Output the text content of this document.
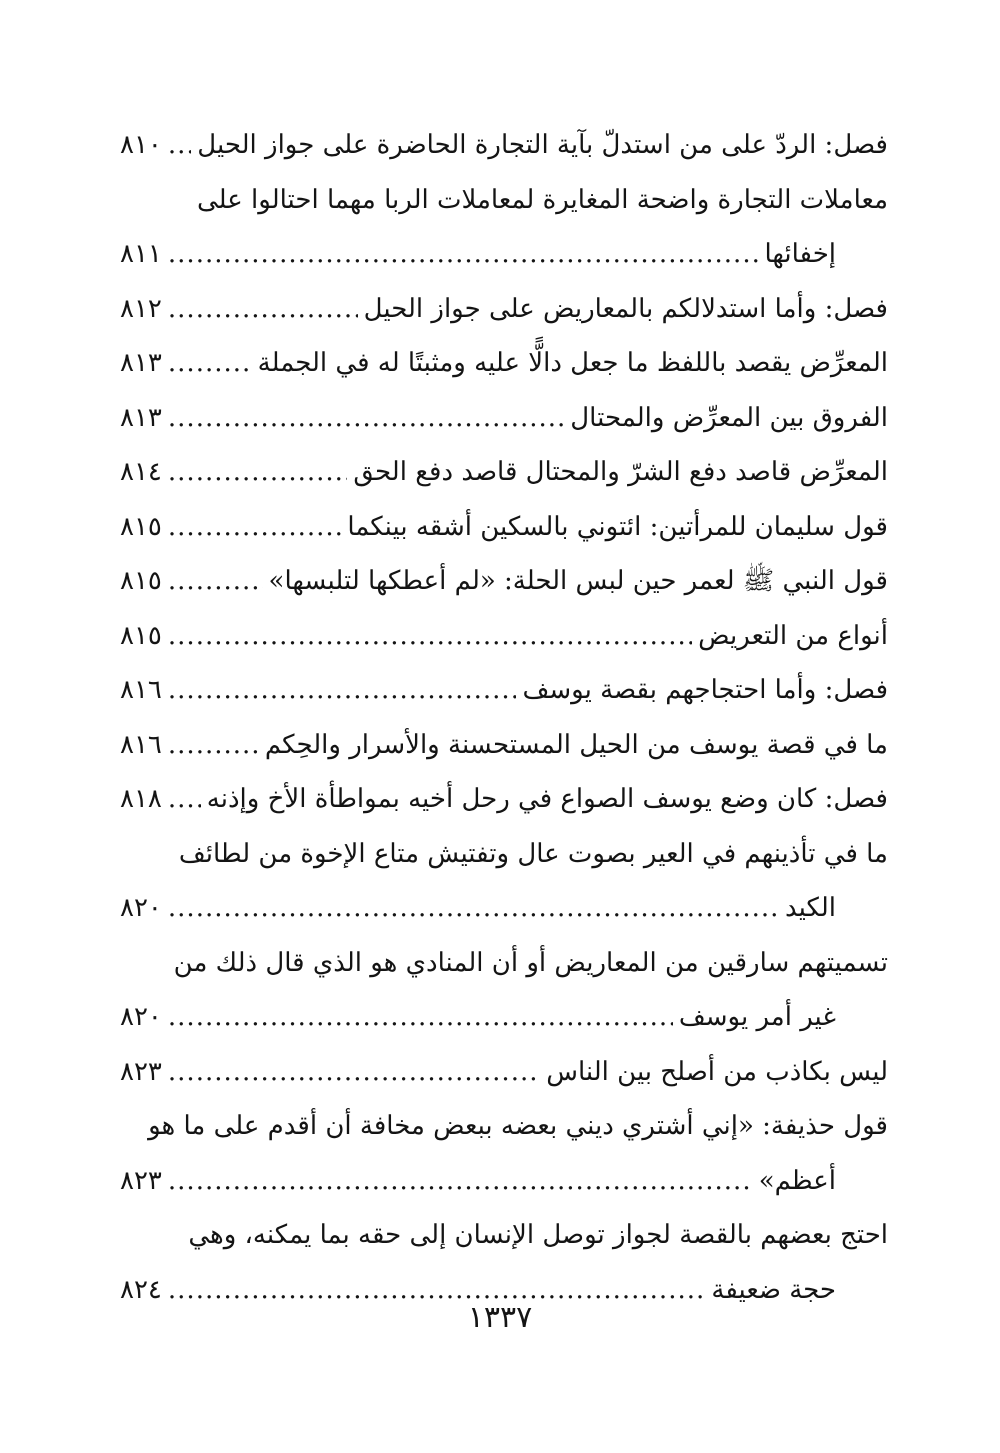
فصل: الردّ على من استدلّ بآية التجارة الحاضرة على جواز الحيل
.....
٨١٠
معاملات التجارة واضحة المغايرة لمعاملات الربا مهما احتالوا على
إخفائها
.....
٨١١
فصل: وأما استدلالكم بالمعاريض على جواز الحيل
.....
٨١٢
المعرِّض يقصد باللفظ ما جعل دالًّا عليه ومثبتًا له في الجملة
.....
٨١٣
الفروق بين المعرِّض والمحتال
.....
٨١٣
المعرِّض قاصد دفع الشرّ والمحتال قاصد دفع الحق
.....
٨١٤
قول سليمان للمرأتين: ائتوني بالسكين أشقه بينكما
.....
٨١٥
قول النبي ﷺ لعمر حين لبس الحلة: «لم أعطكها لتلبسها»
.....
٨١٥
أنواع من التعريض
.....
٨١٥
فصل: وأما احتجاجهم بقصة يوسف
.....
٨١٦
ما في قصة يوسف من الحيل المستحسنة والأسرار والحِكم
.....
٨١٦
فصل: كان وضع يوسف الصواع في رحل أخيه بمواطأة الأخ وإذنه
.....
٨١٨
ما في تأذينهم في العير بصوت عال وتفتيش متاع الإخوة من لطائف
الكيد
.....
٨٢٠
تسميتهم سارقين من المعاريض أو أن المنادي هو الذي قال ذلك من
غير أمر يوسف
.....
٨٢٠
ليس بكاذب من أصلح بين الناس
.....
٨٢٣
قول حذيفة: «إني أشتري ديني بعضه ببعض مخافة أن أقدم على ما هو
أعظم»
.....
٨٢٣
احتج بعضهم بالقصة لجواز توصل الإنسان إلى حقه بما يمكنه، وهي
حجة ضعيفة
.....
٨٢٤
١٣٣٧
